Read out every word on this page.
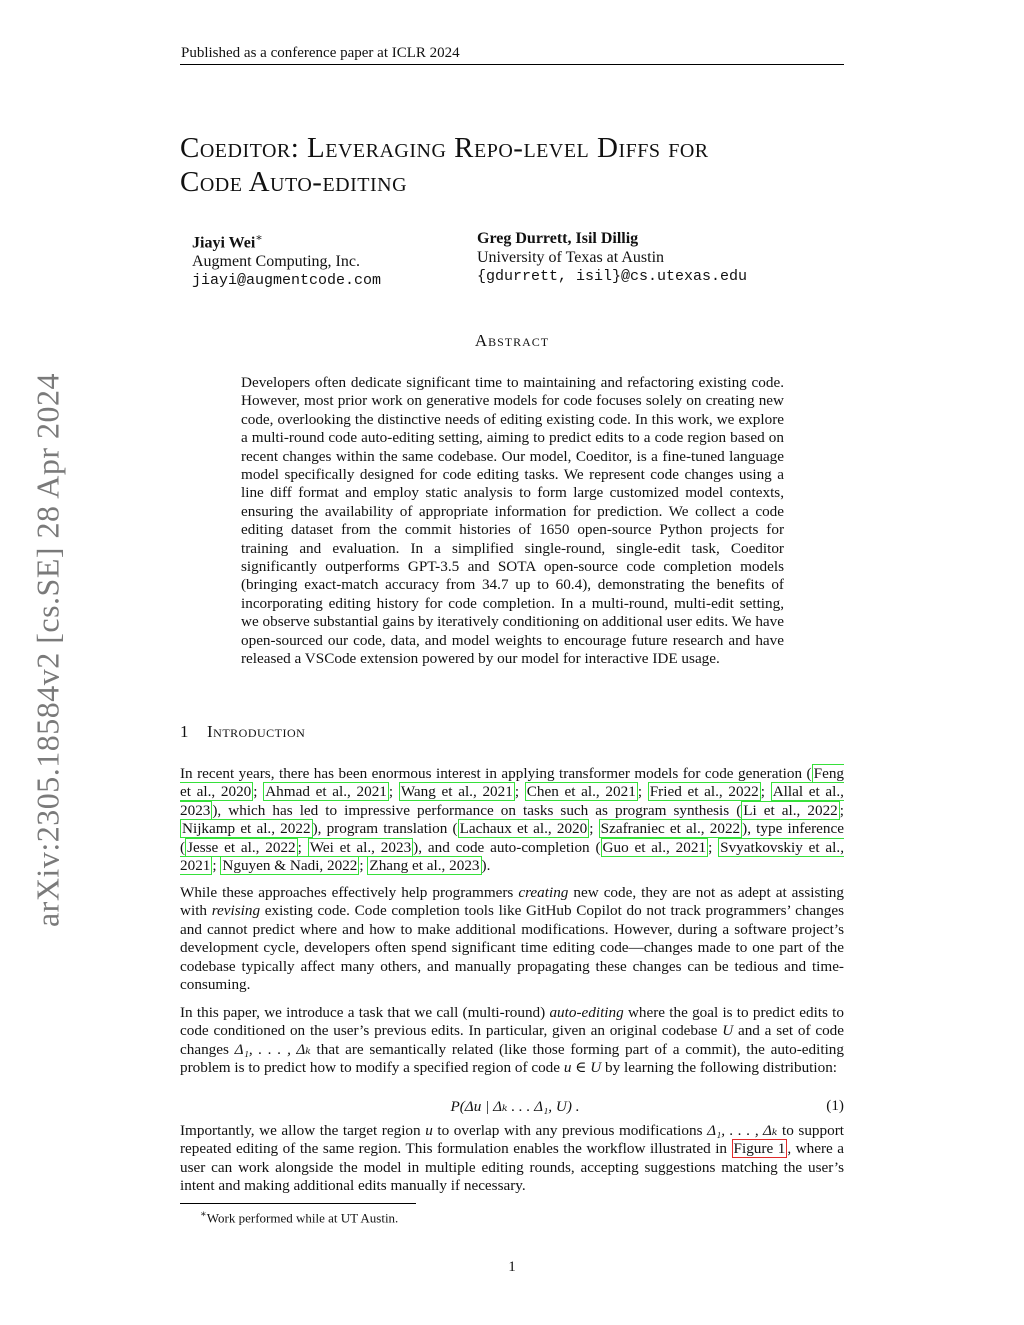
Published as a conference paper at ICLR 2024
arXiv:2305.18584v2 [cs.SE] 28 Apr 2024
Coeditor: Leveraging Repo-level Diffs for
Code Auto-editing
Jiayi Wei∗
Augment Computing, Inc.
jiayi@augmentcode.com
Greg Durrett, Isil Dillig
University of Texas at Austin
{gdurrett, isil}@cs.utexas.edu
Abstract
Developers often dedicate significant time to maintaining and refactoring existing code. However, most prior work on generative models for code focuses solely on creating new code, overlooking the distinctive needs of editing existing code. In this work, we explore a multi-round code auto-editing setting, aiming to predict edits to a code region based on recent changes within the same codebase. Our model, Coeditor, is a fine-tuned language model specifically designed for code editing tasks. We represent code changes using a line diff format and employ static analysis to form large customized model contexts, ensuring the availability of appropriate information for prediction. We collect a code editing dataset from the commit histories of 1650 open-source Python projects for training and evaluation. In a simplified single-round, single-edit task, Coeditor significantly outperforms GPT-3.5 and SOTA open-source code completion models (bringing exact-match accuracy from 34.7 up to 60.4), demonstrating the benefits of incorporating editing history for code completion. In a multi-round, multi-edit setting, we observe substantial gains by iteratively conditioning on additional user edits. We have open-sourced our code, data, and model weights to encourage future research and have released a VSCode extension powered by our model for interactive IDE usage.
1 Introduction
In recent years, there has been enormous interest in applying transformer models for code generation ( Feng et al., 2020 ; Ahmad et al., 2021 ; Wang et al., 2021 ; Chen et al., 2021 ; Fried et al., 2022 ; Allal et al., 2023 ), which has led to impressive performance on tasks such as program synthesis ( Li et al., 2022 ; Nijkamp et al., 2022 ), program translation ( Lachaux et al., 2020 ; Szafraniec et al., 2022 ), type inference ( Jesse et al., 2022 ; Wei et al., 2023 ), and code auto-completion ( Guo et al., 2021 ; Svyatkovskiy et al., 2021 ; Nguyen & Nadi, 2022 ; Zhang et al., 2023 ).
While these approaches effectively help programmers creating new code, they are not as adept at assisting with revising existing code. Code completion tools like GitHub Copilot do not track programmers’ changes and cannot predict where and how to make additional modifications. However, during a software project’s development cycle, developers often spend significant time editing code—changes made to one part of the codebase typically affect many others, and manually propagating these changes can be tedious and time-consuming.
In this paper, we introduce a task that we call (multi-round) auto-editing where the goal is to predict edits to code conditioned on the user’s previous edits. In particular, given an original codebase U and a set of code changes Δ₁, . . . , Δₖ that are semantically related (like those forming part of a commit), the auto-editing problem is to predict how to modify a specified region of code u ∈ U by learning the following distribution:
P(Δu | Δₖ . . . Δ₁, U) .	(1)
Importantly, we allow the target region u to overlap with any previous modifications Δ₁, . . . , Δₖ to support repeated editing of the same region. This formulation enables the workflow illustrated in Figure 1 , where a user can work alongside the model in multiple editing rounds, accepting suggestions matching the user’s intent and making additional edits manually if necessary.
∗Work performed while at UT Austin.
1
